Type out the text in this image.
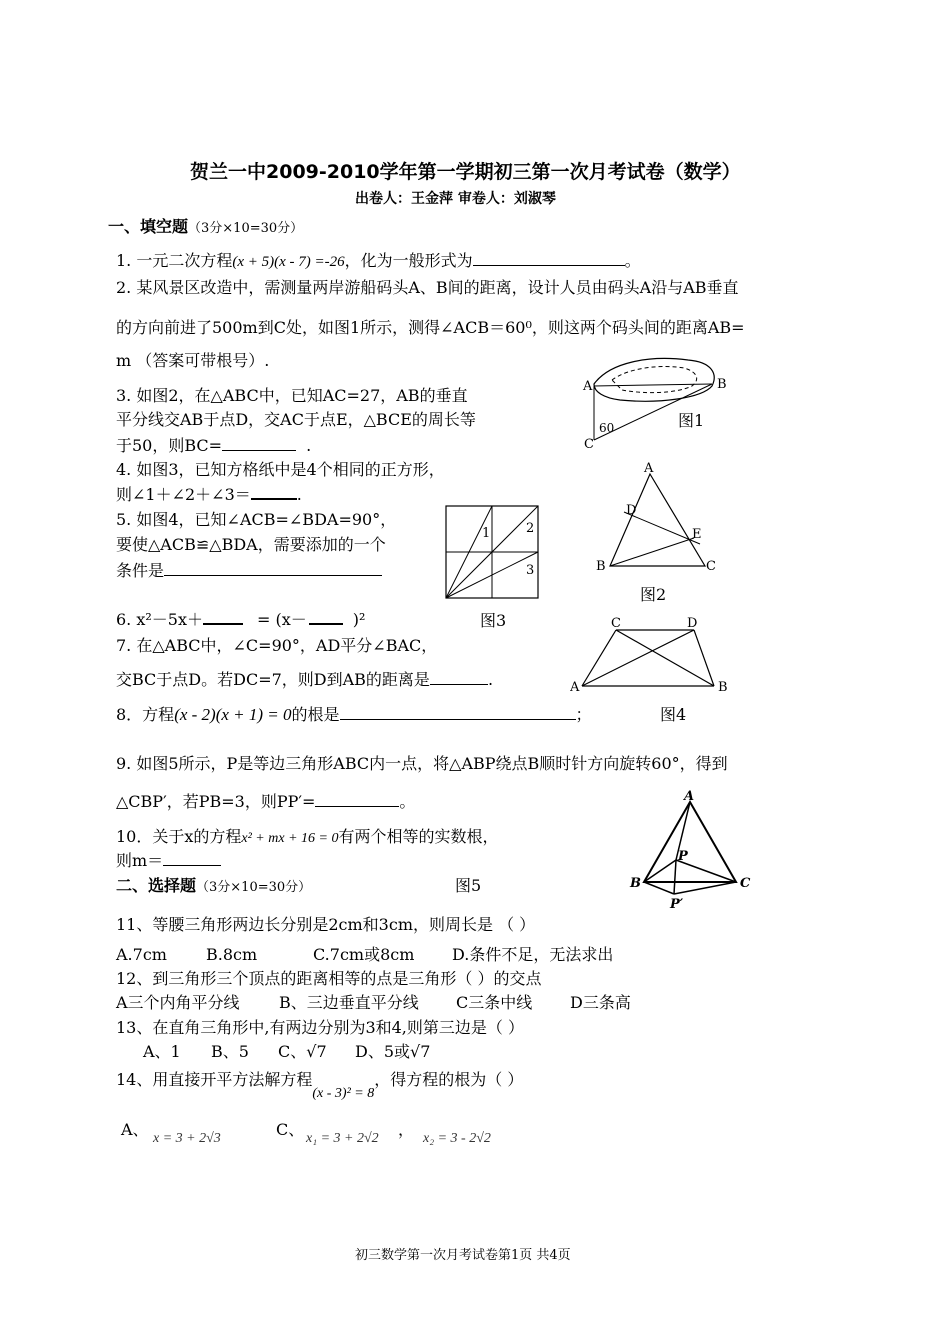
贺兰一中2009-2010学年第一学期初三第一次月考试卷（数学）
出卷人：王金萍 审卷人：刘淑琴
一、填空题（3分×10=30分）
1. 一元二次方程(x + 5)(x - 7) =-26，化为一般形式为	。
2. 某风景区改造中，需测量两岸游船码头A、B间的距离，设计人员由码头A沿与AB垂直
的方向前进了500m到C处，如图1所示，测得∠ACB＝60⁰，则这两个码头间的距离AB=
m （答案可带根号）.
3. 如图2，在△ABC中，已知AC=27，AB的垂直
平分线交AB于点D，交AC于点E，△BCE的周长等
于50，则BC=	.
4. 如图3，已知方格纸中是4个相同的正方形，
则∠1＋∠2＋∠3＝	.
5. 如图4，已知∠ACB=∠BDA=90°，
要使△ACB≌△BDA，需要添加的一个
条件是
6. x²－5x＋	= (x－	)²
7. 在△ABC中，∠C=90°，AD平分∠BAC，
交BC于点D。若DC=7，则D到AB的距离是	.
8．方程(x - 2)(x + 1) = 0的根是	；
9. 如图5所示，P是等边三角形ABC内一点，将△ABP绕点B顺时针方向旋转60°，得到
△CBP′，若PB=3，则PP′=	。
10．关于x的方程x² + mx + 16 = 0有两个相等的实数根，
则m＝
二、选择题（3分×10=30分）
11、等腰三角形两边长分别是2cm和3cm，则周长是 （ ）
A.7cm B.8cm	C.7cm或8cm D.条件不足，无法求出
12、到三角形三个顶点的距离相等的点是三角形（ ）的交点
A三个内角平分线 B、三边垂直平分线 C三条中线 D三条高
13、在直角三角形中,有两边分别为3和4,则第三边是（ ）
A、1 B、5 C、√7 D、5或√7
14、用直接开平方法解方程(x - 3)² = 8，得方程的根为（ ）
A、 x = 3 + 2√3	C、 x₁ = 3 + 2√2 ， x₂ = 3 - 2√2
A	B
C
60	图1
A
B	C
D
E
图2
1	2
3
图3	C	D
A	B
图4
A
B	C
P
P′
图5
初三数学第一次月考试卷第1页 共4页
